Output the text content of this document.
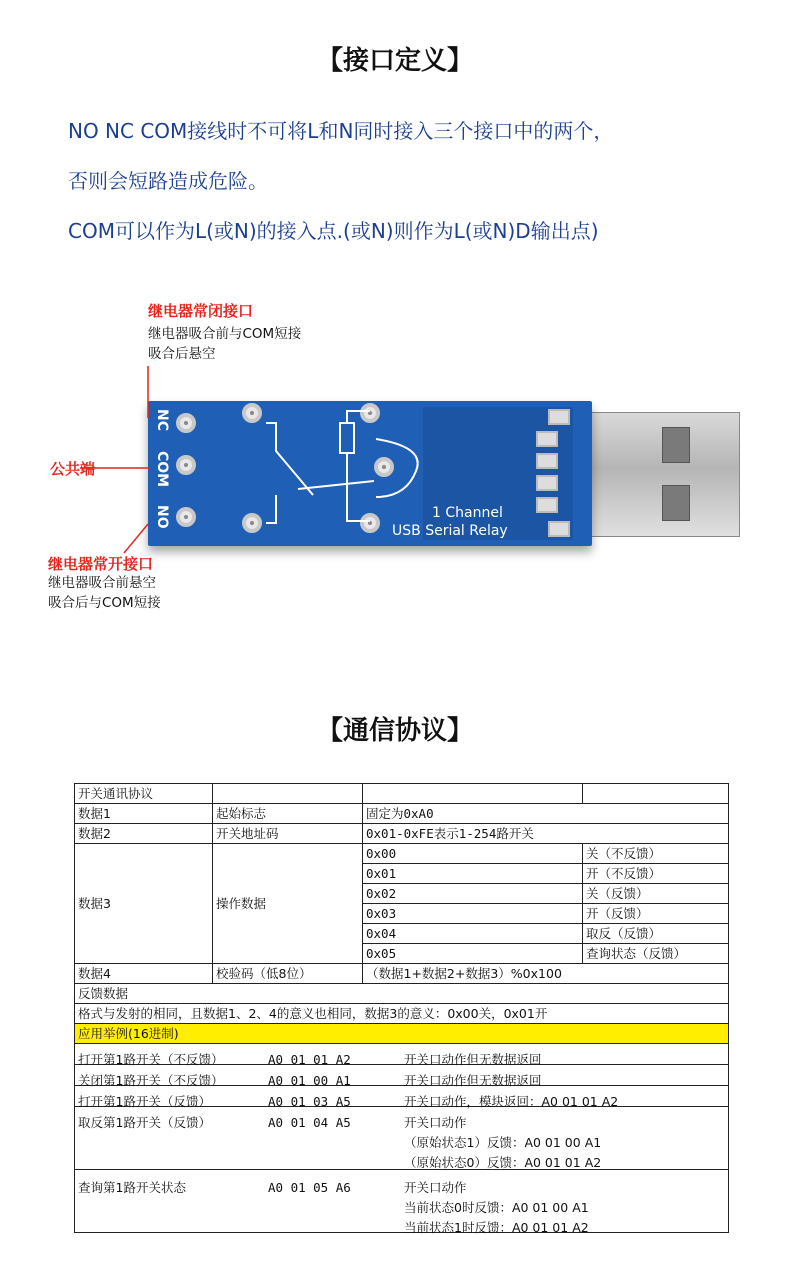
【接口定义】
NO NC COM接线时不可将L和N同时接入三个接口中的两个，
否则会短路造成危险。
COM可以作为L(或N)的接入点.(或N)则作为L(或N)D输出点)
继电器常闭接口
继电器吸合前与COM短接
吸合后悬空
公共端
继电器常开接口
继电器吸合前悬空
吸合后与COM短接
NC
COM
NO	1 Channel
USB Serial Relay
【通信协议】
开关通讯协议			
数据1	起始标志	固定为0xA0	
数据2	开关地址码	0x01-0xFE表示1-254路开关	
数据3	操作数据	0x00	关（不反馈）
		0x01	开（不反馈）
		0x02	关（反馈）
		0x03	开（反馈）
		0x04	取反（反馈）
		0x05	查询状态（反馈）
数据4	校验码（低8位）	（数据1+数据2+数据3）%0x100	
反馈数据			
格式与发射的相同，且数据1、2、4的意义也相同，数据3的意义：0x00关，0x01开			
应用举例(16进制)			

打开第1路开关（不反馈）	A0 01 01 A2	开关口动作但无数据返回
关闭第1路开关（不反馈）	A0 01 00 A1	开关口动作但无数据返回
打开第1路开关（反馈）	A0 01 03 A5	开关口动作，模块返回：A0 01 01 A2
取反第1路开关（反馈）	A0 01 04 A5	开关口动作
（原始状态1）反馈：A0 01 00 A1
（原始状态0）反馈：A0 01 01 A2
查询第1路开关状态	A0 01 05 A6	开关口动作
当前状态0时反馈：A0 01 00 A1
当前状态1时反馈：A0 01 01 A2
